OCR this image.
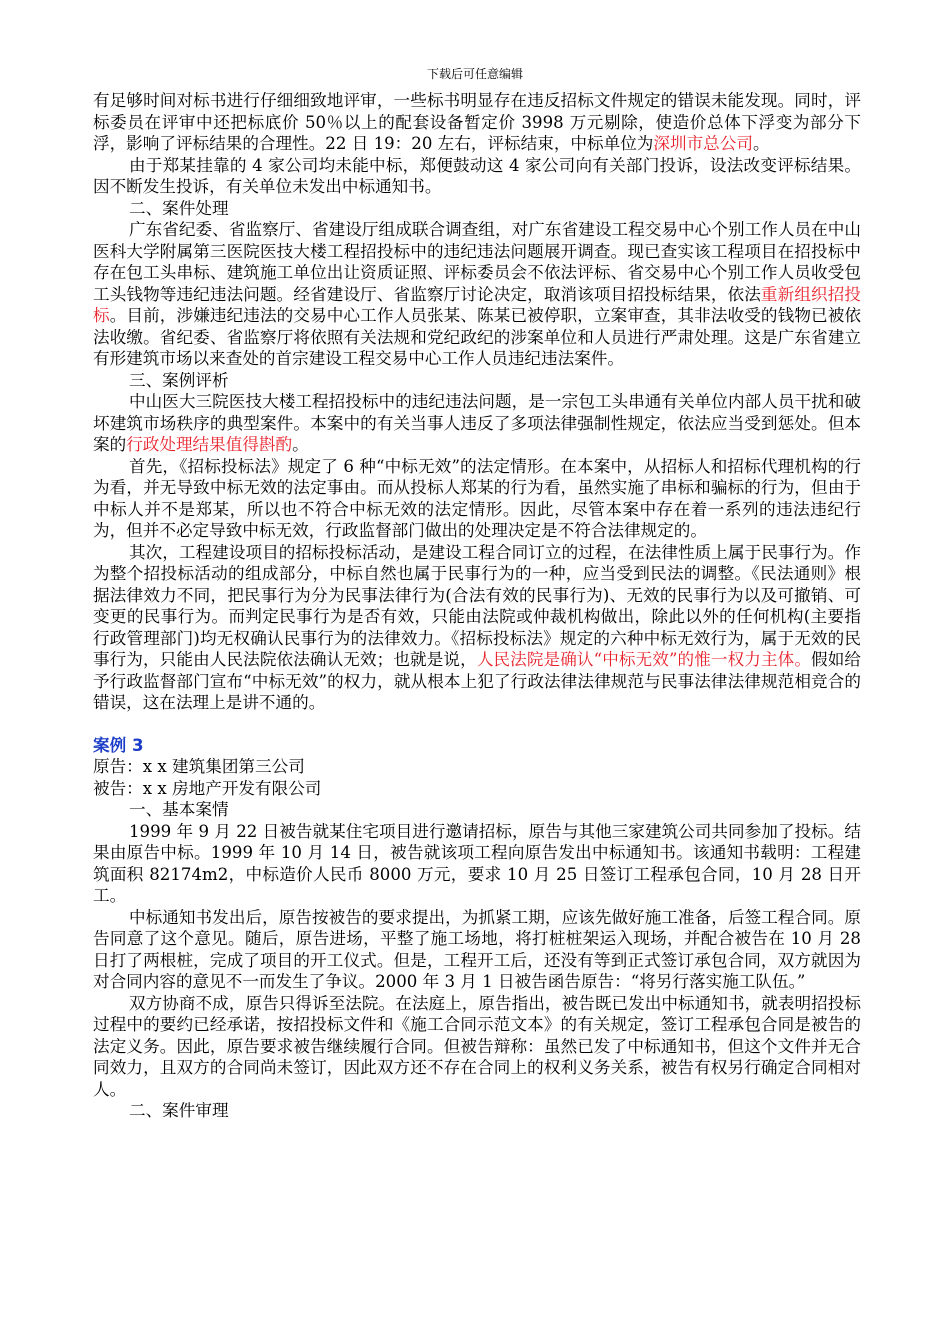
下载后可任意编辑

有足够时间对标书进行仔细细致地评审，一些标书明显存在违反招标文件规定的错误未能发现。同时，评标委员在评审中还把标底价 50％以上的配套设备暂定价 3998 万元剔除，使造价总体下浮变为部分下浮，影响了评标结果的合理性。22 日 19：20 左右，评标结束，中标单位为深圳市总公司。

由于郑某挂靠的 4 家公司均未能中标，郑便鼓动这 4 家公司向有关部门投诉，设法改变评标结果。因不断发生投诉，有关单位未发出中标通知书。

二、案件处理

广东省纪委、省监察厅、省建设厅组成联合调查组，对广东省建设工程交易中心个别工作人员在中山医科大学附属第三医院医技大楼工程招投标中的违纪违法问题展开调查。现已查实该工程项目在招投标中存在包工头串标、建筑施工单位出让资质证照、评标委员会不依法评标、省交易中心个别工作人员收受包工头钱物等违纪违法问题。经省建设厅、省监察厅讨论决定，取消该项目招投标结果，依法重新组织招投标。目前，涉嫌违纪违法的交易中心工作人员张某、陈某已被停职，立案审查，其非法收受的钱物已被依法收缴。省纪委、省监察厅将依照有关法规和党纪政纪的涉案单位和人员进行严肃处理。这是广东省建立有形建筑市场以来查处的首宗建设工程交易中心工作人员违纪违法案件。

三、案例评析

中山医大三院医技大楼工程招投标中的违纪违法问题，是一宗包工头串通有关单位内部人员干扰和破坏建筑市场秩序的典型案件。本案中的有关当事人违反了多项法律强制性规定，依法应当受到惩处。但本案的行政处理结果值得斟酌。

首先，《招标投标法》规定了 6 种“中标无效”的法定情形。在本案中，从招标人和招标代理机构的行为看，并无导致中标无效的法定事由。而从投标人郑某的行为看，虽然实施了串标和骗标的行为，但由于中标人并不是郑某，所以也不符合中标无效的法定情形。因此，尽管本案中存在着一系列的违法违纪行为，但并不必定导致中标无效，行政监督部门做出的处理决定是不符合法律规定的。

其次，工程建设项目的招标投标活动，是建设工程合同订立的过程，在法律性质上属于民事行为。作为整个招投标活动的组成部分，中标自然也属于民事行为的一种，应当受到民法的调整。《民法通则》根据法律效力不同，把民事行为分为民事法律行为(合法有效的民事行为)、无效的民事行为以及可撤销、可变更的民事行为。而判定民事行为是否有效，只能由法院或仲裁机构做出，除此以外的任何机构(主要指行政管理部门)均无权确认民事行为的法律效力。《招标投标法》规定的六种中标无效行为，属于无效的民事行为，只能由人民法院依法确认无效；也就是说，人民法院是确认“中标无效”的惟一权力主体。假如给予行政监督部门宣布“中标无效”的权力，就从根本上犯了行政法律法律规范与民事法律法律规范相竞合的错误，这在法理上是讲不通的。

案例 3

原告：x x 建筑集团第三公司

被告：x x 房地产开发有限公司

一、基本案情

1999 年 9 月 22 日被告就某住宅项目进行邀请招标，原告与其他三家建筑公司共同参加了投标。结果由原告中标。1999 年 10 月 14 日，被告就该项工程向原告发出中标通知书。该通知书载明：工程建筑面积 82174m2，中标造价人民币 8000 万元，要求 10 月 25 日签订工程承包合同，10 月 28 日开工。

中标通知书发出后，原告按被告的要求提出，为抓紧工期，应该先做好施工准备，后签工程合同。原告同意了这个意见。随后，原告进场，平整了施工场地，将打桩桩架运入现场，并配合被告在 10 月 28 日打了两根桩，完成了项目的开工仪式。但是，工程开工后，还没有等到正式签订承包合同，双方就因为对合同内容的意见不一而发生了争议。2000 年 3 月 1 日被告函告原告：“将另行落实施工队伍。”

双方协商不成，原告只得诉至法院。在法庭上，原告指出，被告既已发出中标通知书，就表明招投标过程中的要约已经承诺，按招投标文件和《施工合同示范文本》的有关规定，签订工程承包合同是被告的法定义务。因此，原告要求被告继续履行合同。但被告辩称：虽然已发了中标通知书，但这个文件并无合同效力，且双方的合同尚未签订，因此双方还不存在合同上的权利义务关系，被告有权另行确定合同相对人。

二、案件审理
